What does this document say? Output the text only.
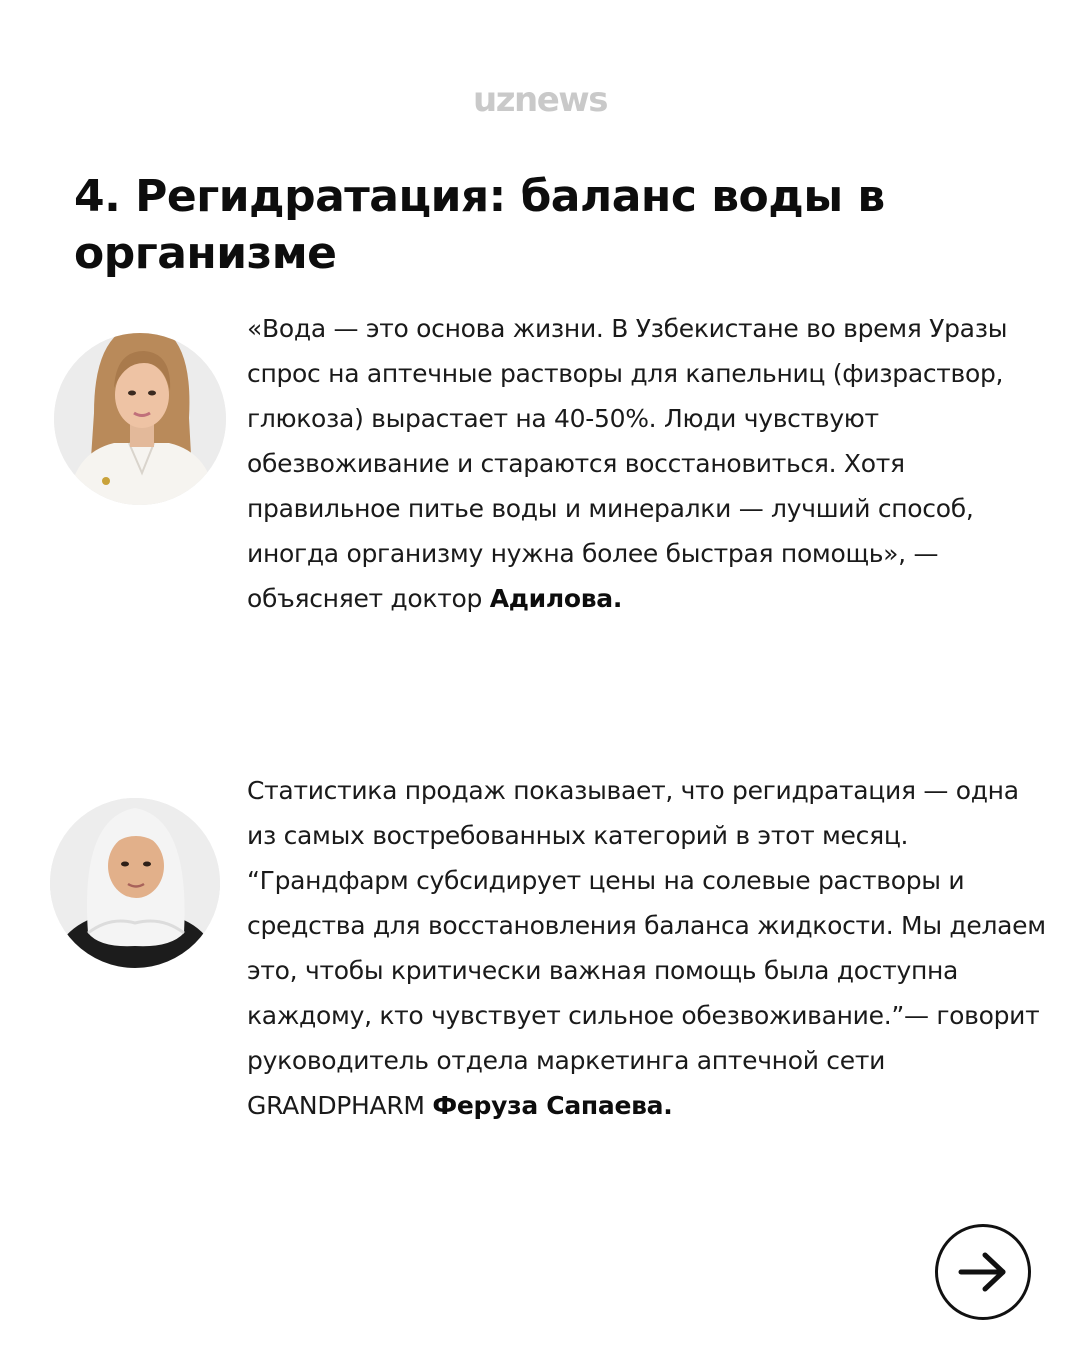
uznews
4. Регидратация: баланс воды в организме

«Вода — это основа жизни. В Узбекистане во время Уразы спрос на аптечные растворы для капельниц (физраствор, глюкоза) вырастает на 40-50%. Люди чувствуют обезвоживание и стараются восстановиться. Хотя правильное питье воды и минералки — лучший способ, иногда организму нужна более быстрая помощь», — объясняет доктор Адилова.

Статистика продаж показывает, что регидратация — одна из самых востребованных категорий в этот месяц. “Грандфарм субсидирует цены на солевые растворы и средства для восстановления баланса жидкости. Мы делаем это, чтобы критически важная помощь была доступна каждому, кто чувствует сильное обезвоживание.”— говорит руководитель отдела маркетинга аптечной сети GRANDPHARM Феруза Сапаева.
